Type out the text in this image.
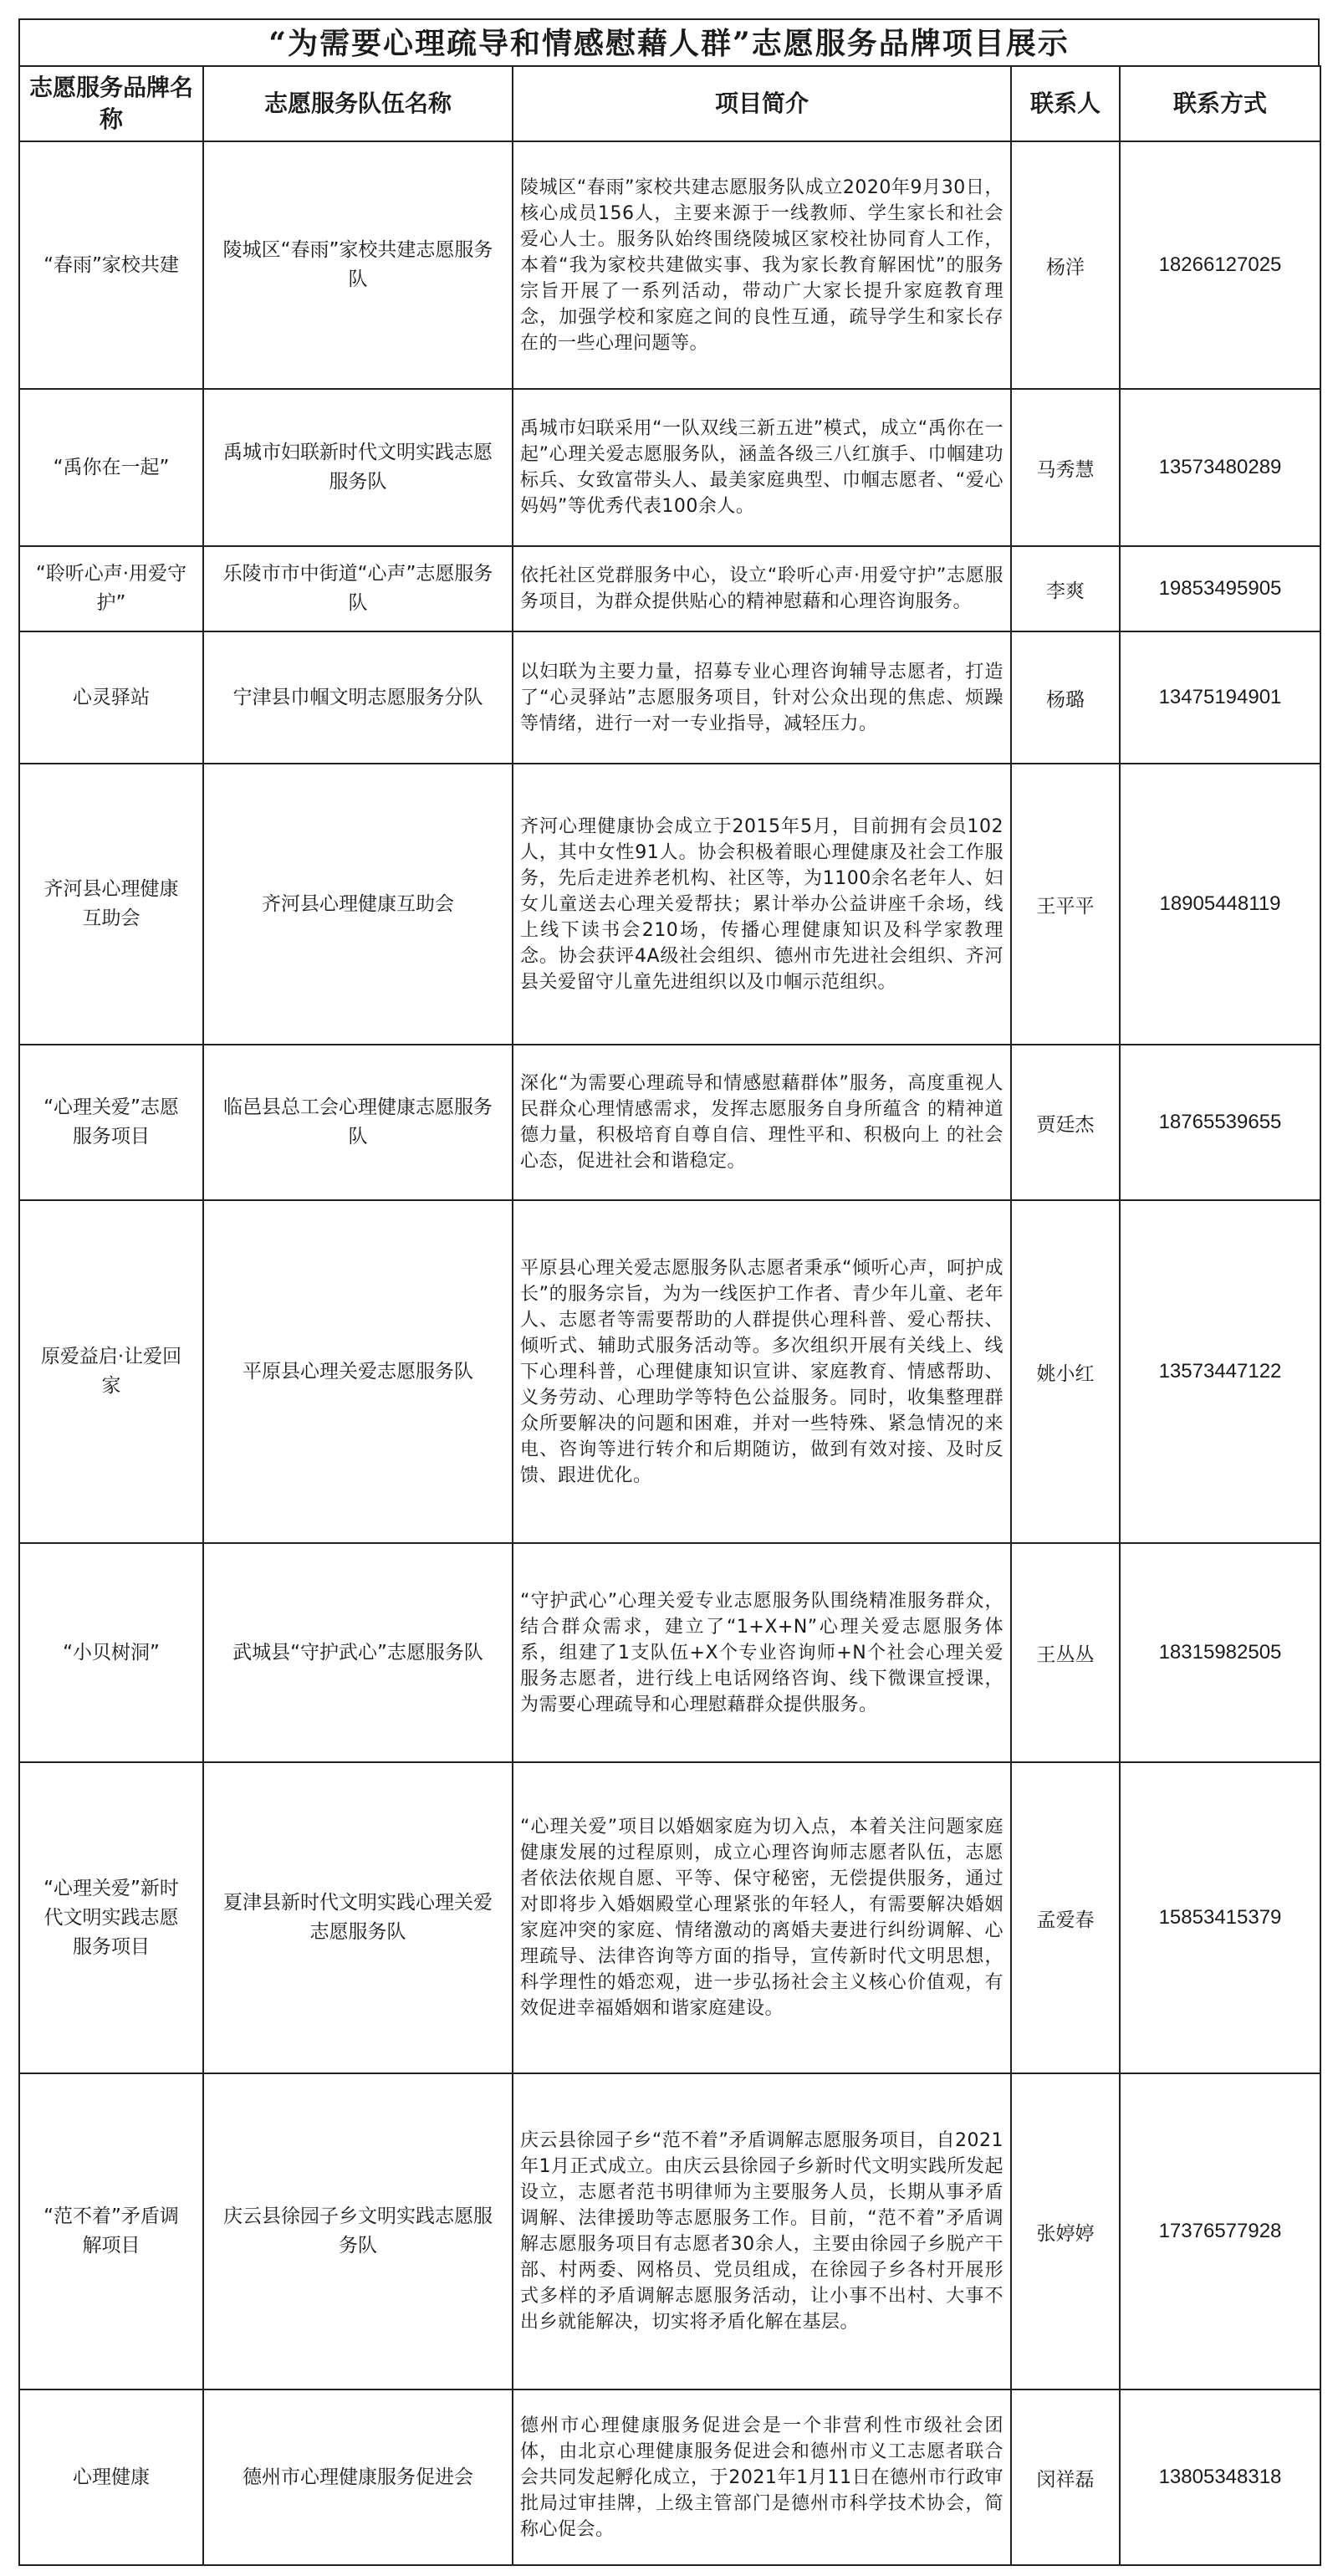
“为需要心理疏导和情感慰藉人群”志愿服务品牌项目展示
志愿服务品牌名称	志愿服务队伍名称	项目简介	联系人	联系方式
“春雨”家校共建	陵城区“春雨”家校共建志愿服务队	陵城区“春雨”家校共建志愿服务队成立2020年9月30日，核心成员156人，主要来源于一线教师、学生家长和社会爱心人士。服务队始终围绕陵城区家校社协同育人工作，本着“我为家校共建做实事、我为家长教育解困忧”的服务宗旨开展了一系列活动，带动广大家长提升家庭教育理念，加强学校和家庭之间的良性互通，疏导学生和家长存在的一些心理问题等。	杨洋	18266127025
“禹你在一起”	禹城市妇联新时代文明实践志愿服务队	禹城市妇联采用“一队双线三新五进”模式，成立“禹你在一起”心理关爱志愿服务队，涵盖各级三八红旗手、巾帼建功标兵、女致富带头人、最美家庭典型、巾帼志愿者、“爱心妈妈”等优秀代表100余人。	马秀慧	13573480289
“聆听心声·用爱守护”	乐陵市市中街道“心声”志愿服务队	依托社区党群服务中心，设立“聆听心声·用爱守护”志愿服务项目，为群众提供贴心的精神慰藉和心理咨询服务。	李爽	19853495905
心灵驿站	宁津县巾帼文明志愿服务分队	以妇联为主要力量，招募专业心理咨询辅导志愿者，打造了“心灵驿站”志愿服务项目，针对公众出现的焦虑、烦躁等情绪，进行一对一专业指导，减轻压力。	杨璐	13475194901
齐河县心理健康互助会	齐河县心理健康互助会	齐河心理健康协会成立于2015年5月，目前拥有会员102人，其中女性91人。协会积极着眼心理健康及社会工作服务，先后走进养老机构、社区等，为1100余名老年人、妇女儿童送去心理关爱帮扶；累计举办公益讲座千余场，线上线下读书会210场，传播心理健康知识及科学家教理念。协会获评4A级社会组织、德州市先进社会组织、齐河县关爱留守儿童先进组织以及巾帼示范组织。	王平平	18905448119
“心理关爱”志愿服务项目	临邑县总工会心理健康志愿服务队	深化“为需要心理疏导和情感慰藉群体”服务，高度重视人民群众心理情感需求，发挥志愿服务自身所蕴含 的精神道德力量，积极培育自尊自信、理性平和、积极向上 的社会心态，促进社会和谐稳定。	贾廷杰	18765539655
原爱益启·让爱回家	平原县心理关爱志愿服务队	平原县心理关爱志愿服务队志愿者秉承“倾听心声，呵护成长”的服务宗旨，为为一线医护工作者、青少年儿童、老年人、志愿者等需要帮助的人群提供心理科普、爱心帮扶、倾听式、辅助式服务活动等。多次组织开展有关线上、线下心理科普，心理健康知识宣讲、家庭教育、情感帮助、义务劳动、心理助学等特色公益服务。同时，收集整理群众所要解决的问题和困难，并对一些特殊、紧急情况的来电、咨询等进行转介和后期随访，做到有效对接、及时反馈、跟进优化。	姚小红	13573447122
“小贝树洞”	武城县“守护武心”志愿服务队	“守护武心”心理关爱专业志愿服务队围绕精准服务群众，结合群众需求，建立了“1+X+N”心理关爱志愿服务体系，组建了1支队伍+X个专业咨询师+N个社会心理关爱服务志愿者，进行线上电话网络咨询、线下微课宣授课，为需要心理疏导和心理慰藉群众提供服务。	王丛丛	18315982505
“心理关爱”新时代文明实践志愿服务项目	夏津县新时代文明实践心理关爱志愿服务队	“心理关爱”项目以婚姻家庭为切入点，本着关注问题家庭健康发展的过程原则，成立心理咨询师志愿者队伍，志愿者依法依规自愿、平等、保守秘密，无偿提供服务，通过对即将步入婚姻殿堂心理紧张的年轻人，有需要解决婚姻家庭冲突的家庭、情绪激动的离婚夫妻进行纠纷调解、心理疏导、法律咨询等方面的指导，宣传新时代文明思想，科学理性的婚恋观，进一步弘扬社会主义核心价值观，有效促进幸福婚姻和谐家庭建设。	孟爱春	15853415379
“范不着”矛盾调解项目	庆云县徐园子乡文明实践志愿服务队	庆云县徐园子乡“范不着”矛盾调解志愿服务项目，自2021年1月正式成立。由庆云县徐园子乡新时代文明实践所发起设立，志愿者范书明律师为主要服务人员，长期从事矛盾调解、法律援助等志愿服务工作。目前，“范不着”矛盾调解志愿服务项目有志愿者30余人，主要由徐园子乡脱产干部、村两委、网格员、党员组成，在徐园子乡各村开展形式多样的矛盾调解志愿服务活动，让小事不出村、大事不出乡就能解决，切实将矛盾化解在基层。	张婷婷	17376577928
心理健康	德州市心理健康服务促进会	德州市心理健康服务促进会是一个非营利性市级社会团体，由北京心理健康服务促进会和德州市义工志愿者联合会共同发起孵化成立，于2021年1月11日在德州市行政审批局过审挂牌，上级主管部门是德州市科学技术协会，简称心促会。	闵祥磊	13805348318
